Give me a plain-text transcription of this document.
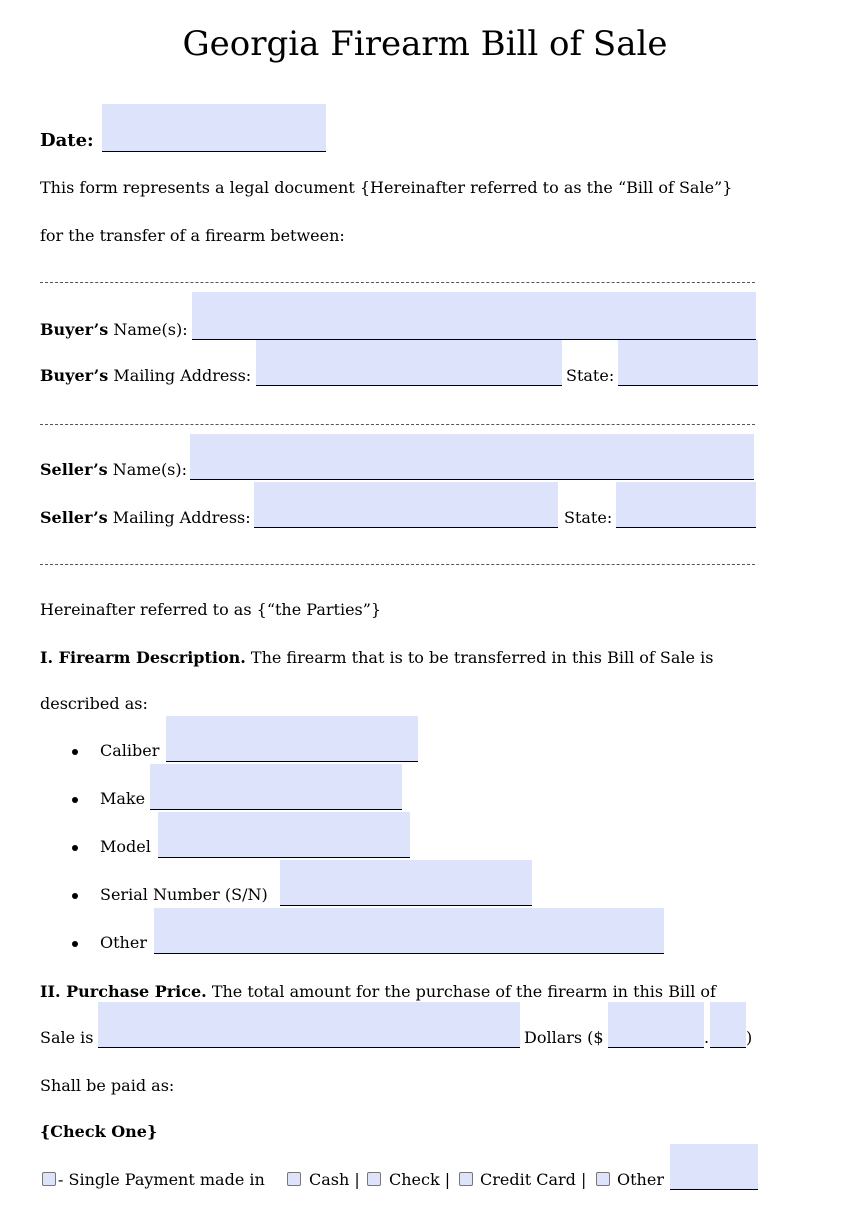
Georgia Firearm Bill of Sale
Date:
This form represents a legal document {Hereinafter referred to as the “Bill of Sale”}
for the transfer of a firearm between:
Buyer’s Name(s):
Buyer’s Mailing Address:	State:
Seller’s Name(s):
Seller’s Mailing Address:	State:
Hereinafter referred to as {“the Parties”}
I. Firearm Description. The firearm that is to be transferred in this Bill of Sale is
described as:
Caliber
Make
Model
Serial Number (S/N)
Other
II. Purchase Price. The total amount for the purchase of the firearm in this Bill of
Sale is	Dollars ($	. )
Shall be paid as:
{Check One}
- Single Payment made in	Cash | Check | Credit Card | Other
